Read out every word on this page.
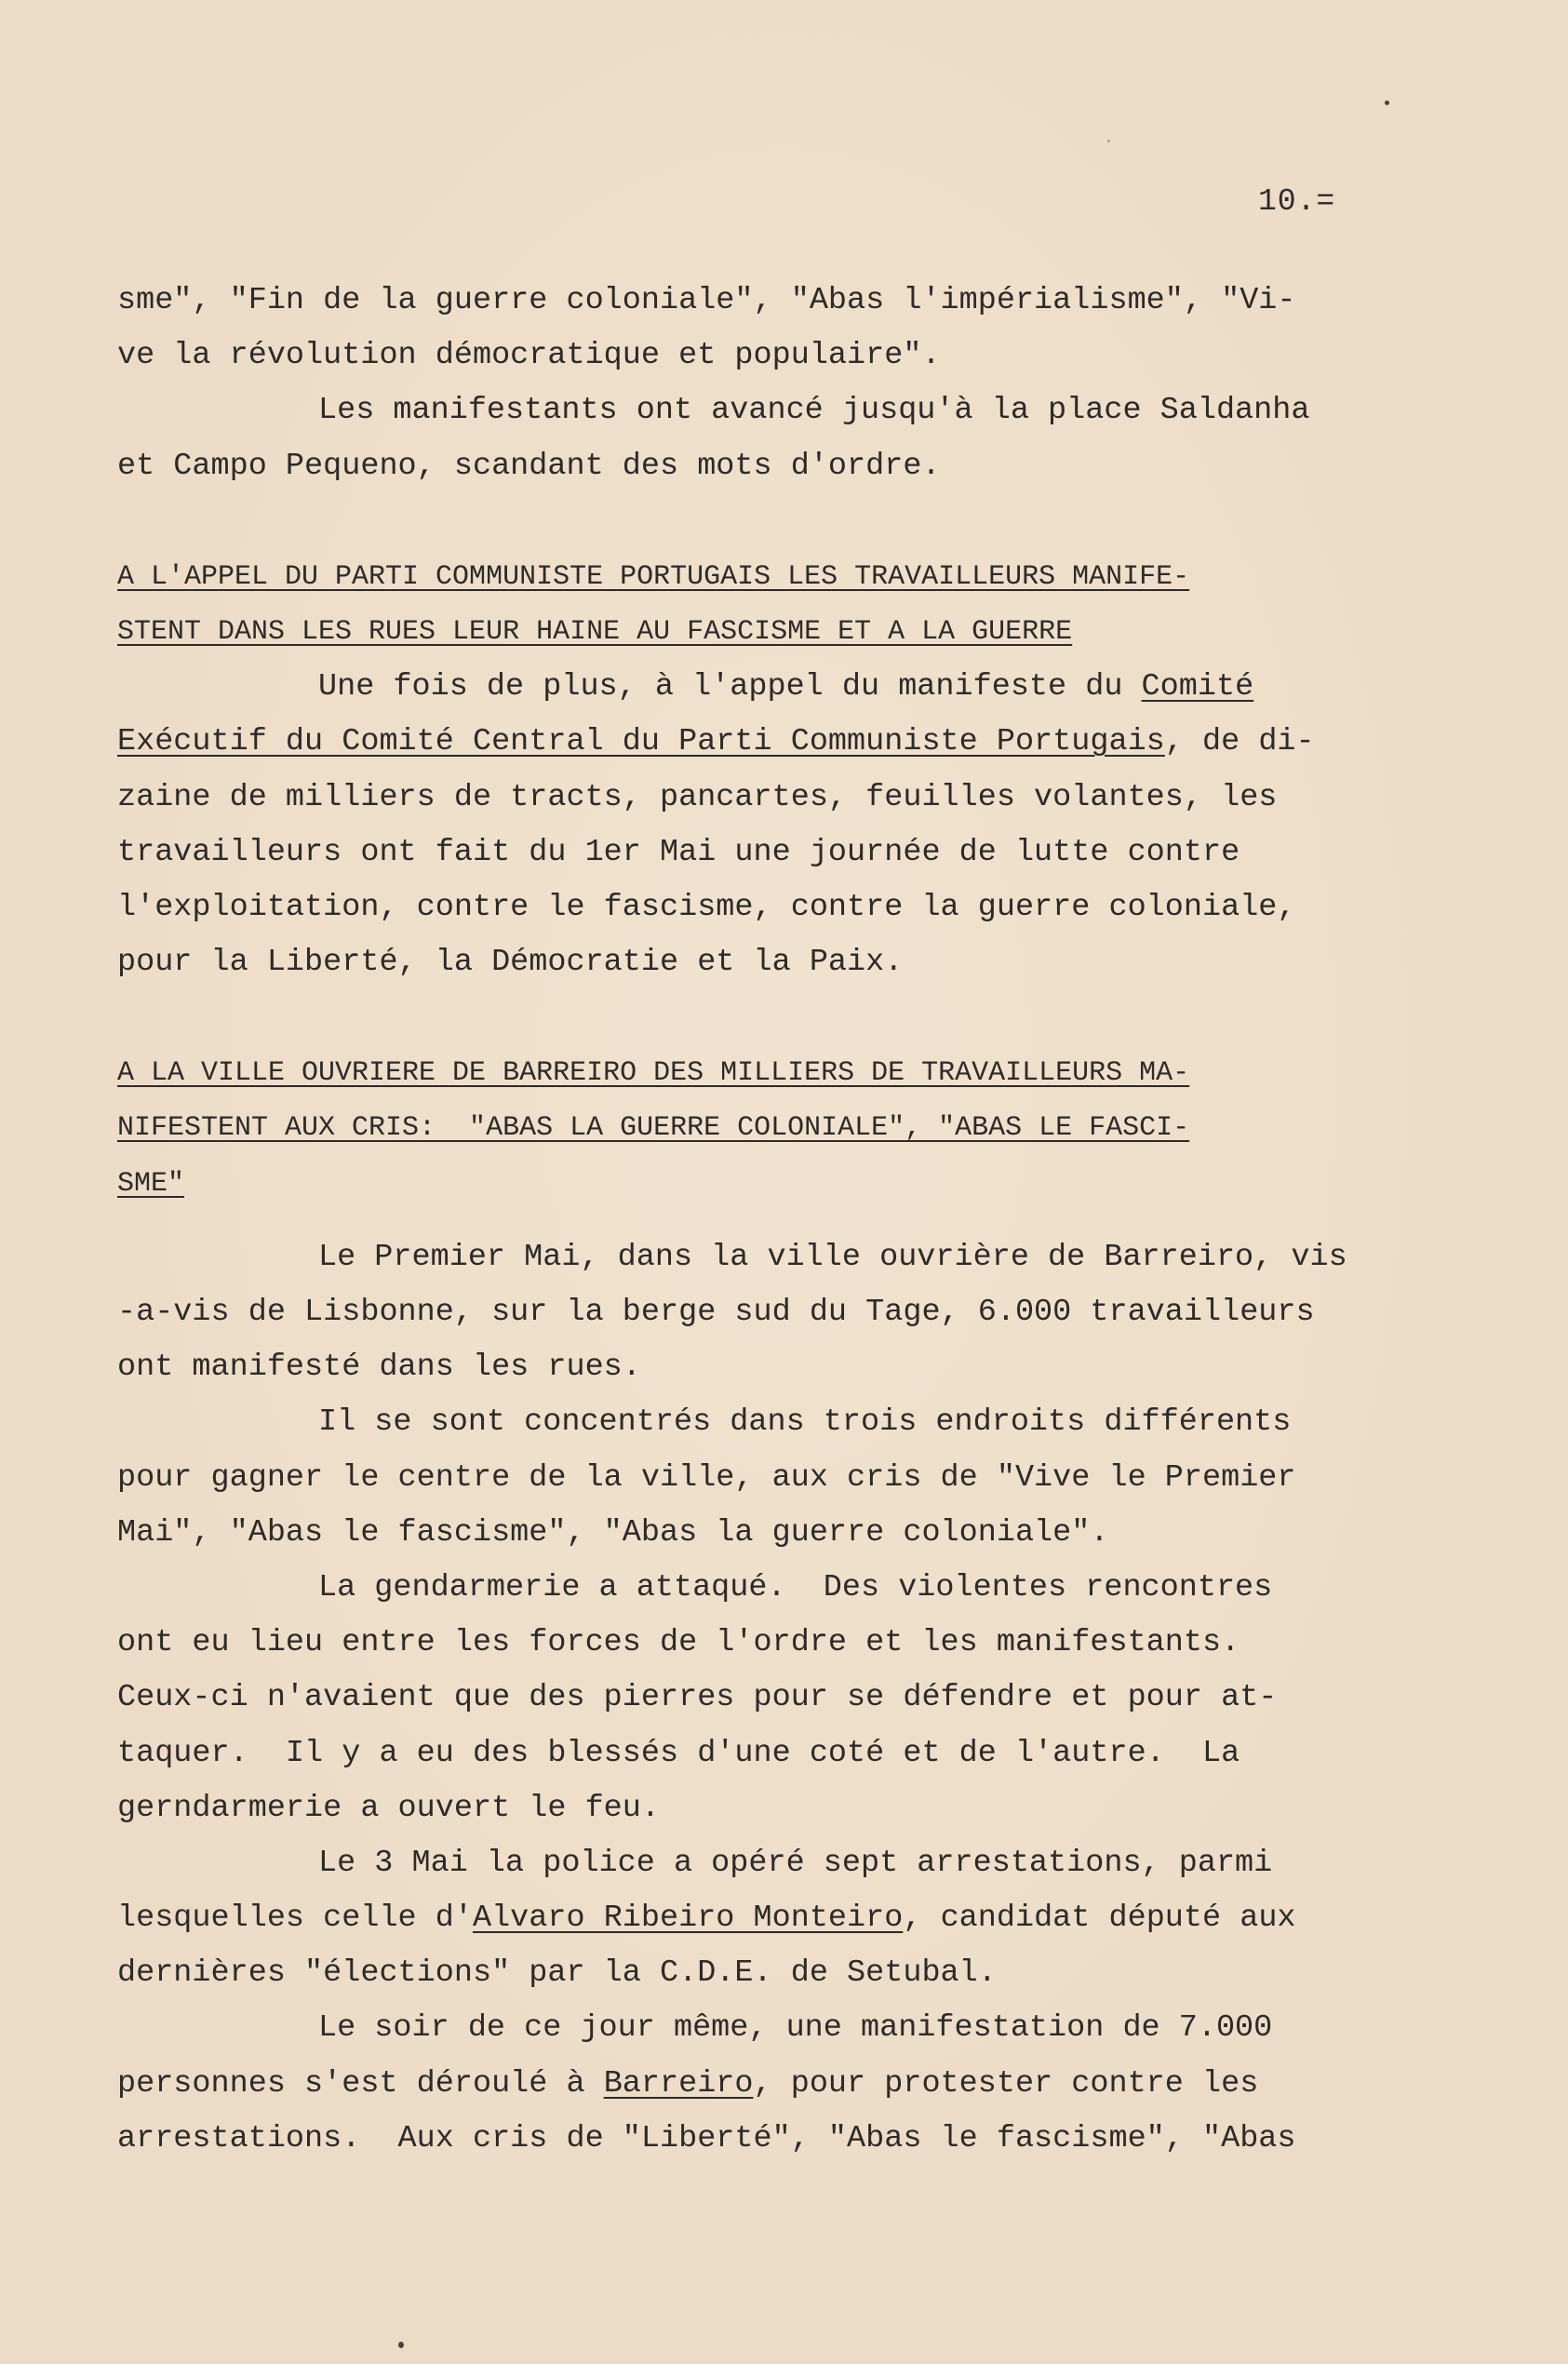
10.=
sme", "Fin de la guerre coloniale", "Abas l'impérialisme", "Vi-
ve la révolution démocratique et populaire".
Les manifestants ont avancé jusqu'à la place Saldanha
et Campo Pequeno, scandant des mots d'ordre.
A L'APPEL DU PARTI COMMUNISTE PORTUGAIS LES TRAVAILLEURS MANIFE-
STENT DANS LES RUES LEUR HAINE AU FASCISME ET A LA GUERRE
Une fois de plus, à l'appel du manifeste du Comité
Exécutif du Comité Central du Parti Communiste Portugais, de di-
zaine de milliers de tracts, pancartes, feuilles volantes, les
travailleurs ont fait du 1er Mai une journée de lutte contre
l'exploitation, contre le fascisme, contre la guerre coloniale,
pour la Liberté, la Démocratie et la Paix.
A LA VILLE OUVRIERE DE BARREIRO DES MILLIERS DE TRAVAILLEURS MA-
NIFESTENT AUX CRIS:  "ABAS LA GUERRE COLONIALE", "ABAS LE FASCI-
SME"
Le Premier Mai, dans la ville ouvrière de Barreiro, vis
-a-vis de Lisbonne, sur la berge sud du Tage, 6.000 travailleurs
ont manifesté dans les rues.
Il se sont concentrés dans trois endroits différents
pour gagner le centre de la ville, aux cris de "Vive le Premier
Mai", "Abas le fascisme", "Abas la guerre coloniale".
La gendarmerie a attaqué.  Des violentes rencontres
ont eu lieu entre les forces de l'ordre et les manifestants.
Ceux-ci n'avaient que des pierres pour se défendre et pour at-
taquer.  Il y a eu des blessés d'une coté et de l'autre.  La
gerndarmerie a ouvert le feu.
Le 3 Mai la police a opéré sept arrestations, parmi
lesquelles celle d'Alvaro Ribeiro Monteiro, candidat député aux
dernières "élections" par la C.D.E. de Setubal.
Le soir de ce jour même, une manifestation de 7.000
personnes s'est déroulé à Barreiro, pour protester contre les
arrestations.  Aux cris de "Liberté", "Abas le fascisme", "Abas
